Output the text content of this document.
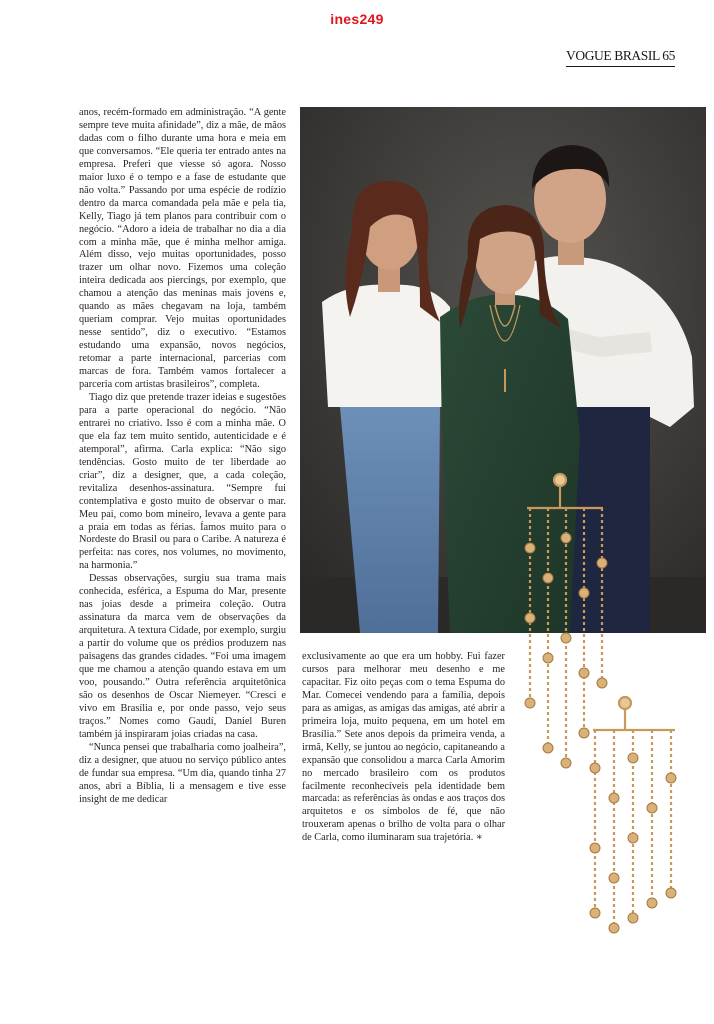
ines249
VOGUE BRASIL 65

anos, recém-formado em administração. “A gente sempre teve muita afinidade”, diz a mãe, de mãos dadas com o filho durante uma hora e meia em que conversamos. “Ele queria ter entrado antes na empresa. Preferi que viesse só agora. Nosso maior luxo é o tempo e a fase de estudante que não volta.” Passando por uma espécie de rodízio dentro da marca comandada pela mãe e pela tia, Kelly, Tiago já tem planos para contribuir com o negócio. “Adoro a ideia de trabalhar no dia a dia com a minha mãe, que é minha melhor amiga. Além disso, vejo muitas oportunidades, posso trazer um olhar novo. Fizemos uma coleção inteira dedicada aos piercings, por exemplo, que chamou a atenção das meninas mais jovens e, quando as mães chegavam na loja, também queriam comprar. Vejo muitas oportunidades nesse sentido”, diz o executivo. “Estamos estudando uma expansão, novos negócios, retomar a parte internacional, parcerias com marcas de fora. Também vamos fortalecer a parceria com artistas brasileiros”, completa.

Tiago diz que pretende trazer ideias e sugestões para a parte operacional do negócio. “Não entrarei no criativo. Isso é com a minha mãe. O que ela faz tem muito sentido, autenticidade e é atemporal”, afirma. Carla explica: “Não sigo tendências. Gosto muito de ter liberdade ao criar”, diz a designer, que, a cada coleção, revitaliza desenhos-assinatura. “Sempre fui contemplativa e gosto muito de observar o mar. Meu pai, como bom mineiro, levava a gente para a praia em todas as férias. Íamos muito para o Nordeste do Brasil ou para o Caribe. A natureza é perfeita: nas cores, nos volumes, no movimento, na harmonia.”

Dessas observações, surgiu sua trama mais conhecida, esférica, a Espuma do Mar, presente nas joias desde a primeira coleção. Outra assinatura da marca vem de observações da arquitetura. A textura Cidade, por exemplo, surgiu a partir do volume que os prédios produzem nas paisagens das grandes cidades. “Foi uma imagem que me chamou a atenção quando estava em um voo, pousando.” Outra referência arquitetônica são os desenhos de Oscar Niemeyer. “Cresci e vivo em Brasília e, por onde passo, vejo seus traços.” Nomes como Gaudí, Daniel Buren também já inspiraram joias criadas na casa.

“Nunca pensei que trabalharia como joalheira”, diz a designer, que atuou no serviço público antes de fundar sua empresa. “Um dia, quando tinha 27 anos, abri a Bíblia, li a mensagem e tive esse insight de me dedicar

exclusivamente ao que era um hobby. Fui fazer cursos para melhorar meu desenho e me capacitar. Fiz oito peças com o tema Espuma do Mar. Comecei vendendo para a família, depois para as amigas, as amigas das amigas, até abrir a primeira loja, muito pequena, em um hotel em Brasília.” Sete anos depois da primeira venda, a irmã, Kelly, se juntou ao negócio, capitaneando a expansão que consolidou a marca Carla Amorim no mercado brasileiro com os produtos facilmente reconhecíveis pela identidade bem marcada: as referências às ondas e aos traços dos arquitetos e os símbolos de fé, que não trouxeram apenas o brilho de volta para o olhar de Carla, como iluminaram sua trajetória. ∗
